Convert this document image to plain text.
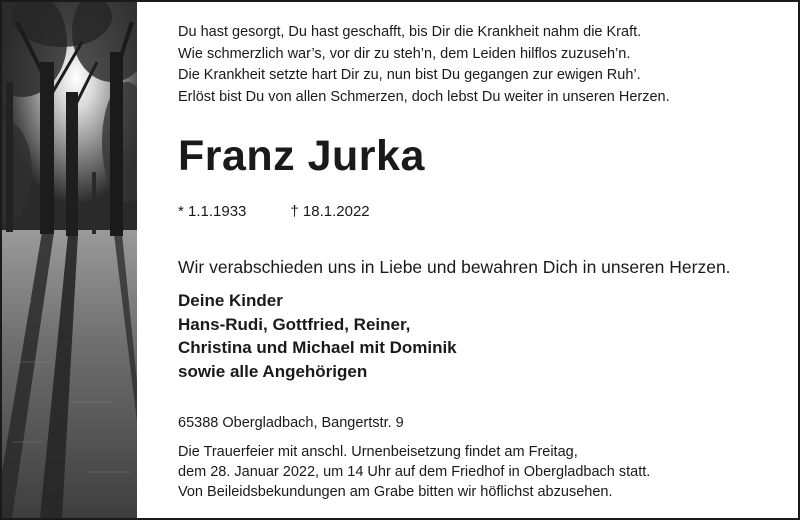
Du hast gesorgt, Du hast geschafft, bis Dir die Krankheit nahm die Kraft.
Wie schmerzlich war’s, vor dir zu steh’n, dem Leiden hilflos zuzuseh’n.
Die Krankheit setzte hart Dir zu, nun bist Du gegangen zur ewigen Ruh’.
Erlöst bist Du von allen Schmerzen, doch lebst Du weiter in unseren Herzen.
Franz Jurka
* 1.1.1933	† 18.1.2022
Wir verabschieden uns in Liebe und bewahren Dich in unseren Herzen.
Deine Kinder
Hans-Rudi, Gottfried, Reiner,
Christina und Michael mit Dominik
sowie alle Angehörigen
65388 Obergladbach, Bangertstr. 9
Die Trauerfeier mit anschl. Urnenbeisetzung findet am Freitag,
dem 28. Januar 2022, um 14 Uhr auf dem Friedhof in Obergladbach statt.
Von Beileidsbekundungen am Grabe bitten wir höflichst abzusehen.
